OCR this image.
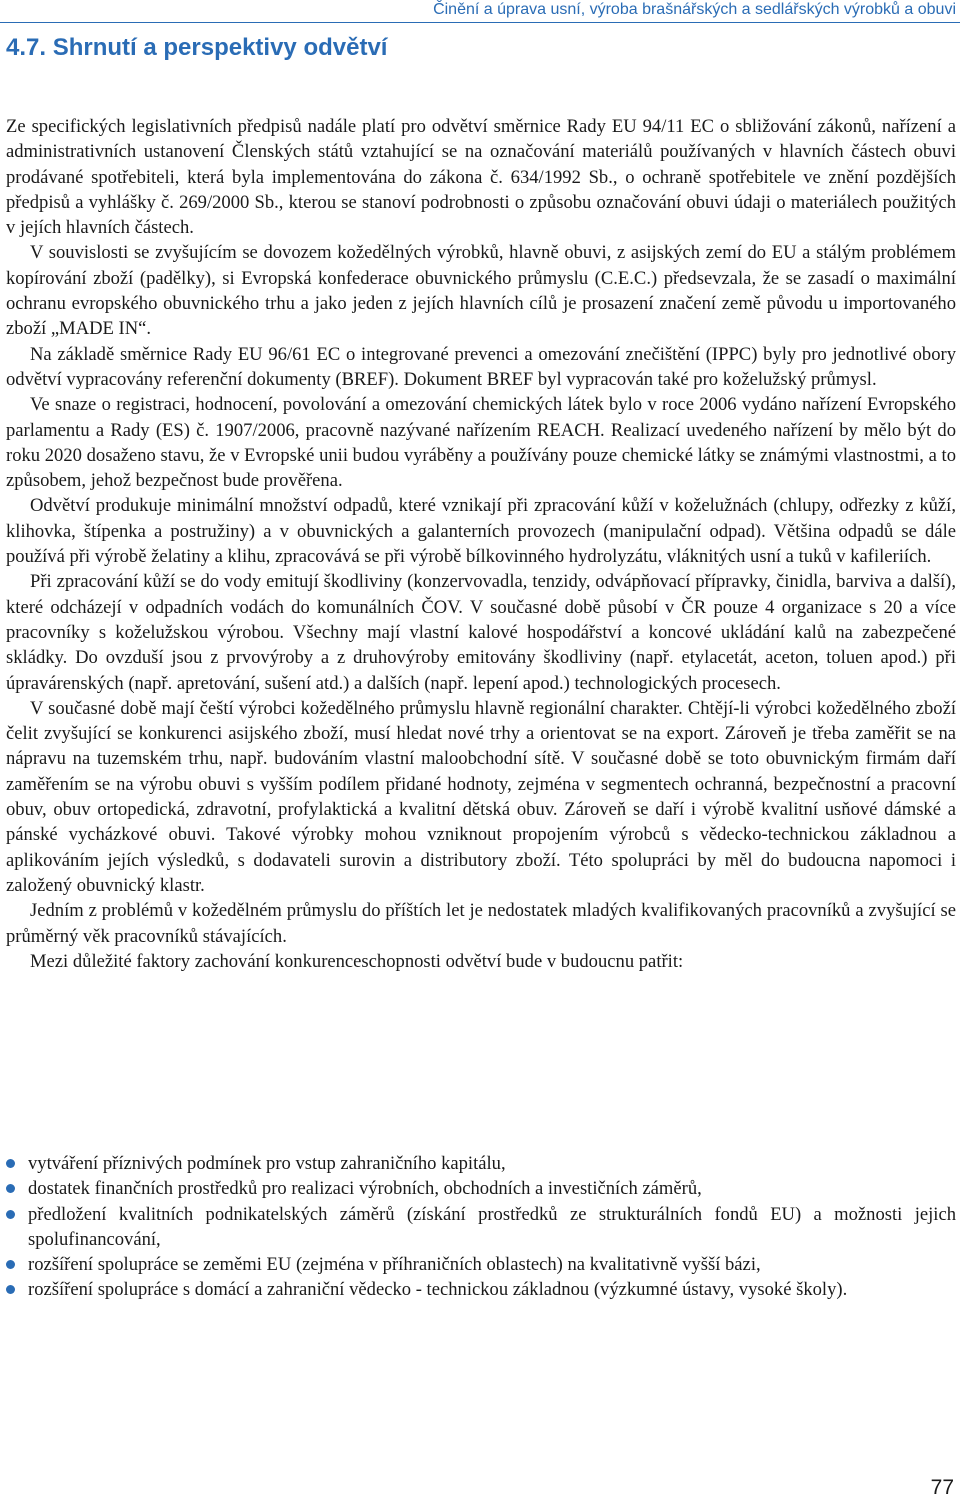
Činění a úprava usní, výroba brašnářských a sedlářských výrobků a obuvi
4.7. Shrnutí a perspektivy odvětví

Ze specifických legislativních předpisů nadále platí pro odvětví směrnice Rady EU 94/11 EC o sbližování zákonů, nařízení a administrativních ustanovení Členských států vztahující se na označování materiálů používaných v hlavních částech obuvi prodávané spotřebiteli, která byla implementována do zákona č. 634/1992 Sb., o ochraně spotřebitele ve znění pozdějších předpisů a vyhlášky č. 269/2000 Sb., kterou se stanoví podrobnosti o způsobu označování obuvi údaji o materiálech použitých v jejích hlavních částech.

V souvislosti se zvyšujícím se dovozem kožedělných výrobků, hlavně obuvi, z asijských zemí do EU a stálým problémem kopírování zboží (padělky), si Evropská konfederace obuvnického průmyslu (C.E.C.) předsevzala, že se zasadí o maximální ochranu evropského obuvnického trhu a jako jeden z jejích hlavních cílů je prosazení značení země původu u importovaného zboží „MADE IN“.

Na základě směrnice Rady EU 96/61 EC o integrované prevenci a omezování znečištění (IPPC) byly pro jednotlivé obory odvětví vypracovány referenční dokumenty (BREF). Dokument BREF byl vypracován také pro koželužský průmysl.

Ve snaze o registraci, hodnocení, povolování a omezování chemických látek bylo v roce 2006 vydáno nařízení Evropského parlamentu a Rady (ES) č. 1907/2006, pracovně nazývané nařízením REACH. Realizací uvedeného nařízení by mělo být do roku 2020 dosaženo stavu, že v Evropské unii budou vyráběny a používány pouze chemické látky se známými vlastnostmi, a to způsobem, jehož bezpečnost bude prověřena.

Odvětví produkuje minimální množství odpadů, které vznikají při zpracování kůží v koželužnách (chlupy, odřezky z kůží, klihovka, štípenka a postružiny) a v obuvnických a galanterních provozech (manipulační odpad). Většina odpadů se dále používá při výrobě želatiny a klihu, zpracovává se při výrobě bílkovinného hydrolyzátu, vláknitých usní a tuků v kafileriích.

Při zpracování kůží se do vody emitují škodliviny (konzervovadla, tenzidy, odvápňovací přípravky, činidla, barviva a další), které odcházejí v odpadních vodách do komunálních ČOV. V současné době působí v ČR pouze 4 organizace s 20 a více pracovníky s koželužskou výrobou. Všechny mají vlastní kalové hospodářství a koncové ukládání kalů na zabezpečené skládky. Do ovzduší jsou z prvovýroby a z druhovýroby emitovány škodliviny (např. etylacetát, aceton, toluen apod.) při úpravárenských (např. apretování, sušení atd.) a dalších (např. lepení apod.) technologických procesech.

V současné době mají čeští výrobci kožedělného průmyslu hlavně regionální charakter. Chtějí-li výrobci kožedělného zboží čelit zvyšující se konkurenci asijského zboží, musí hledat nové trhy a orientovat se na export. Zároveň je třeba zaměřit se na nápravu na tuzemském trhu, např. budováním vlastní maloobchodní sítě. V současné době se toto obuvnickým firmám daří zaměřením se na výrobu obuvi s vyšším podílem přidané hodnoty, zejména v segmentech ochranná, bezpečnostní a pracovní obuv, obuv ortopedická, zdravotní, profylaktická a kvalitní dětská obuv. Zároveň se daří i výrobě kvalitní usňové dámské a pánské vycházkové obuvi. Takové výrobky mohou vzniknout propojením výrobců s vědecko-technickou základnou a aplikováním jejích výsledků, s dodavateli surovin a distributory zboží. Této spolupráci by měl do budoucna napomoci i založený obuvnický klastr.

Jedním z problémů v kožedělném průmyslu do příštích let je nedostatek mladých kvalifikovaných pracovníků a zvyšující se průměrný věk pracovníků stávajících.

Mezi důležité faktory zachování konkurenceschopnosti odvětví bude v budoucnu patřit:

vytváření příznivých podmínek pro vstup zahraničního kapitálu,
dostatek finančních prostředků pro realizaci výrobních, obchodních a investičních záměrů,
předložení kvalitních podnikatelských záměrů (získání prostředků ze strukturálních fondů EU) a možnosti jejich spolufinancování,
rozšíření spolupráce se zeměmi EU (zejména v příhraničních oblastech) na kvalitativně vyšší bázi,
rozšíření spolupráce s domácí a zahraniční vědecko - technickou základnou (výzkumné ústavy, vysoké školy).
77
